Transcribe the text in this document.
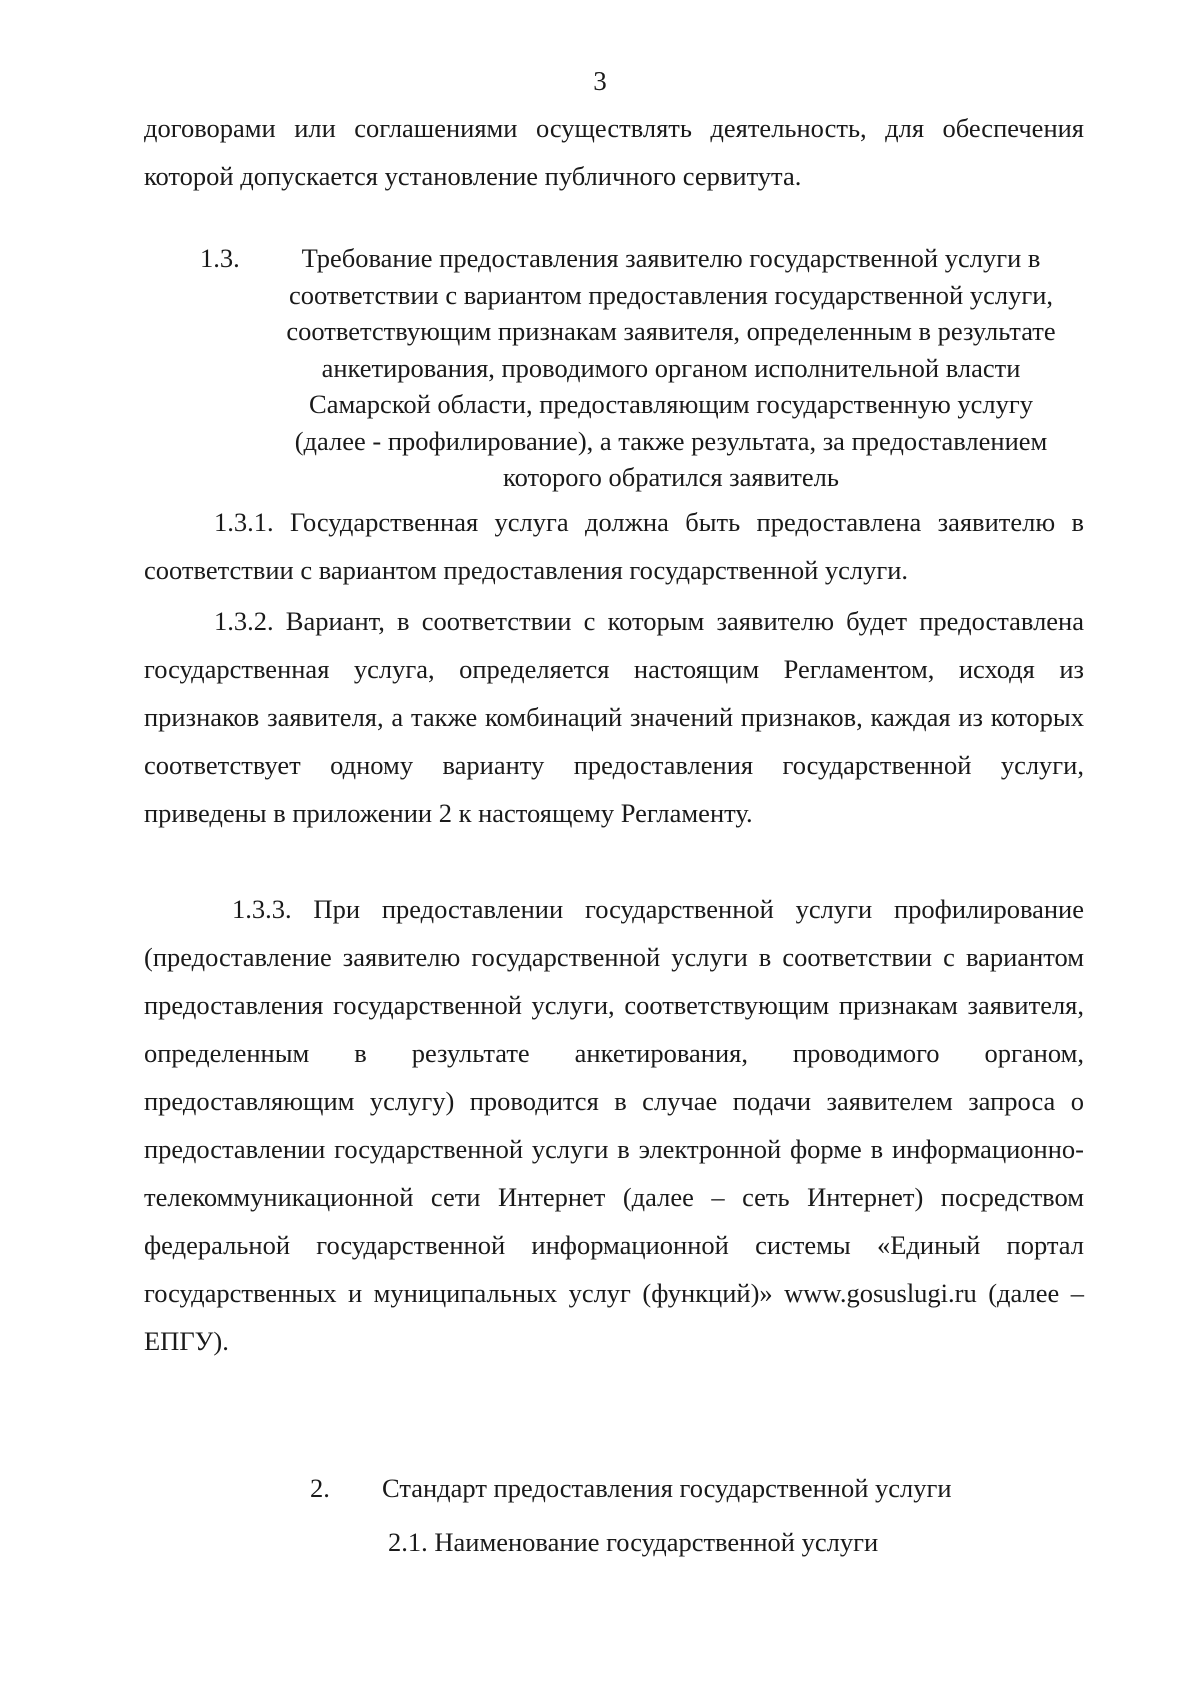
3

договорами или соглашениями осуществлять деятельность, для обеспечения которой допускается установление публичного сервитута.

1.3.	Требование предоставления заявителю государственной услуги в соответствии с вариантом предоставления государственной услуги, соответствующим признакам заявителя, определенным в результате анкетирования, проводимого органом исполнительной власти Самарской области, предоставляющим государственную услугу (далее - профилирование), а также результата, за предоставлением которого обратился заявитель

1.3.1. Государственная услуга должна быть предоставлена заявителю в соответствии с вариантом предоставления государственной услуги.

1.3.2. Вариант, в соответствии с которым заявителю будет предоставлена государственная услуга, определяется настоящим Регламентом, исходя из признаков заявителя, а также комбинаций значений признаков, каждая из которых соответствует одному варианту предоставления государственной услуги, приведены в приложении 2 к настоящему Регламенту.

1.3.3. При предоставлении государственной услуги профилирование (предоставление заявителю государственной услуги в соответствии с вариантом предоставления государственной услуги, соответствующим признакам заявителя, определенным в результате анкетирования, проводимого органом, предоставляющим услугу) проводится в случае подачи заявителем запроса о предоставлении государственной услуги в электронной форме в информационно-телекоммуникационной сети Интернет (далее – сеть Интернет) посредством федеральной государственной информационной системы «Единый портал государственных и муниципальных услуг (функций)» www.gosuslugi.ru (далее – ЕПГУ).

2. Стандарт предоставления государственной услуги
2.1. Наименование государственной услуги
